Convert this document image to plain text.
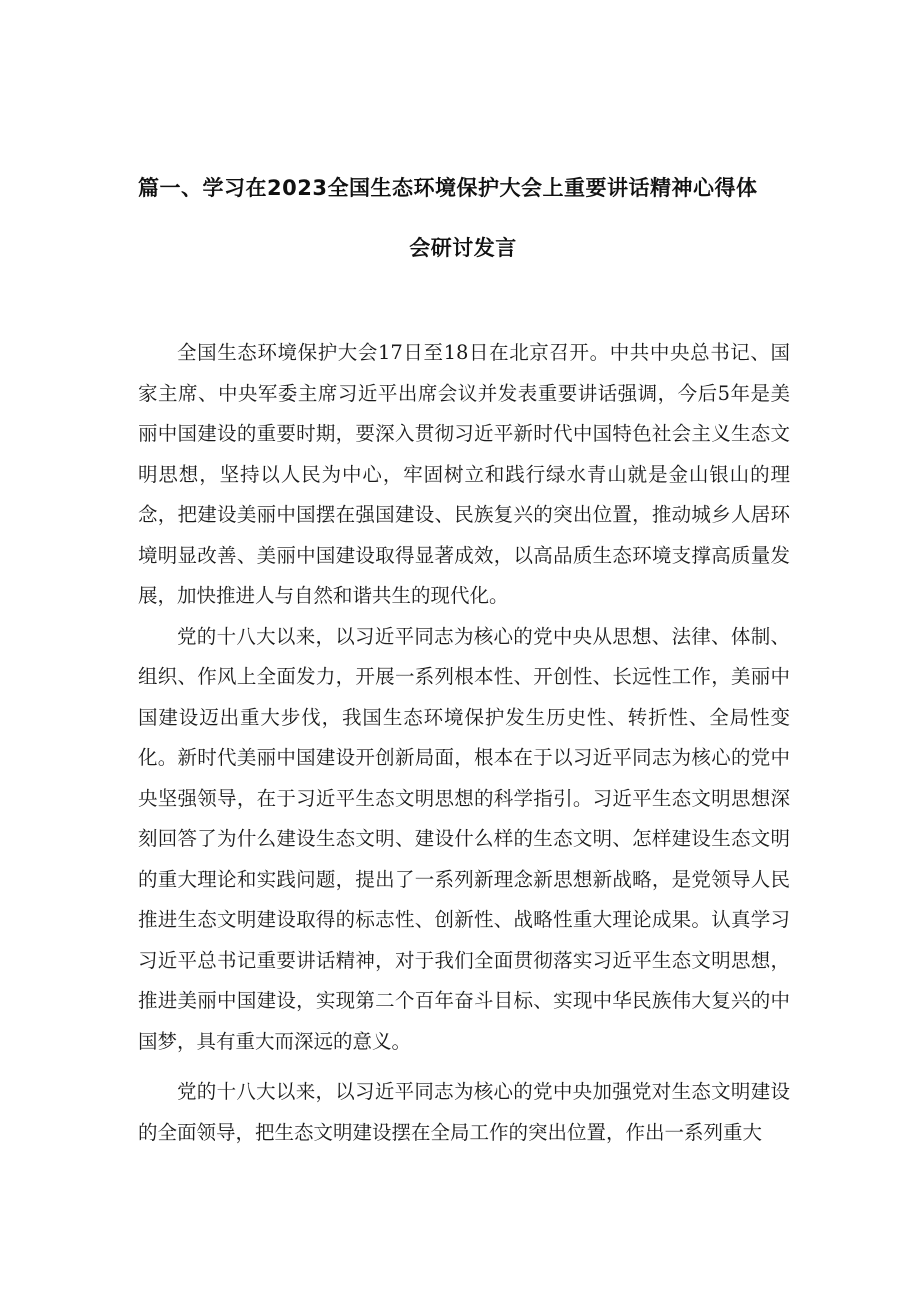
篇一、学习在2023全国生态环境保护大会上重要讲话精神心得体
会研讨发言

全国生态环境保护大会17日至18日在北京召开。中共中央总书记、国家主席、中央军委主席习近平出席会议并发表重要讲话强调，今后5年是美丽中国建设的重要时期，要深入贯彻习近平新时代中国特色社会主义生态文明思想，坚持以人民为中心，牢固树立和践行绿水青山就是金山银山的理念，把建设美丽中国摆在强国建设、民族复兴的突出位置，推动城乡人居环境明显改善、美丽中国建设取得显著成效，以高品质生态环境支撑高质量发展，加快推进人与自然和谐共生的现代化。

党的十八大以来，以习近平同志为核心的党中央从思想、法律、体制、组织、作风上全面发力，开展一系列根本性、开创性、长远性工作，美丽中国建设迈出重大步伐，我国生态环境保护发生历史性、转折性、全局性变化。新时代美丽中国建设开创新局面，根本在于以习近平同志为核心的党中央坚强领导，在于习近平生态文明思想的科学指引。习近平生态文明思想深刻回答了为什么建设生态文明、建设什么样的生态文明、怎样建设生态文明的重大理论和实践问题，提出了一系列新理念新思想新战略，是党领导人民推进生态文明建设取得的标志性、创新性、战略性重大理论成果。认真学习习近平总书记重要讲话精神，对于我们全面贯彻落实习近平生态文明思想，推进美丽中国建设，实现第二个百年奋斗目标、实现中华民族伟大复兴的中国梦，具有重大而深远的意义。

党的十八大以来，以习近平同志为核心的党中央加强党对生态文明建设的全面领导，把生态文明建设摆在全局工作的突出位置，作出一系列重大
